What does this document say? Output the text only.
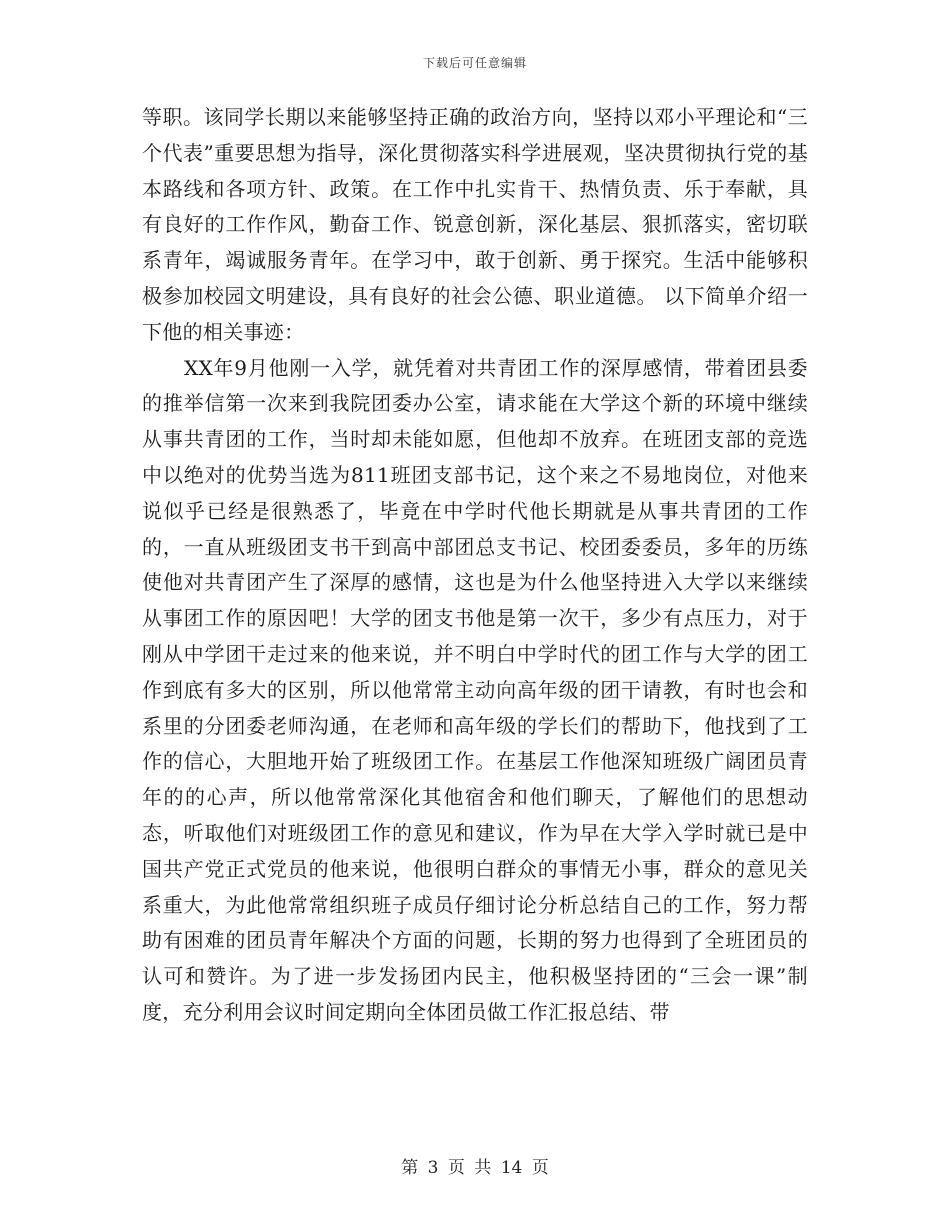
下载后可任意编辑

等职。该同学长期以来能够坚持正确的政治方向，坚持以邓小平理论和“三个代表”重要思想为指导，深化贯彻落实科学进展观，坚决贯彻执行党的基本路线和各项方针、政策。在工作中扎实肯干、热情负责、乐于奉献，具有良好的工作作风，勤奋工作、锐意创新，深化基层、狠抓落实，密切联系青年，竭诚服务青年。在学习中，敢于创新、勇于探究。生活中能够积极参加校园文明建设，具有良好的社会公德、职业道德。 以下简单介绍一下他的相关事迹：

XX年9月他刚一入学，就凭着对共青团工作的深厚感情，带着团县委的推举信第一次来到我院团委办公室，请求能在大学这个新的环境中继续从事共青团的工作，当时却未能如愿，但他却不放弃。在班团支部的竞选中以绝对的优势当选为811班团支部书记，这个来之不易地岗位，对他来说似乎已经是很熟悉了，毕竟在中学时代他长期就是从事共青团的工作的，一直从班级团支书干到高中部团总支书记、校团委委员，多年的历练使他对共青团产生了深厚的感情，这也是为什么他坚持进入大学以来继续从事团工作的原因吧！大学的团支书他是第一次干，多少有点压力，对于刚从中学团干走过来的他来说，并不明白中学时代的团工作与大学的团工作到底有多大的区别，所以他常常主动向高年级的团干请教，有时也会和系里的分团委老师沟通，在老师和高年级的学长们的帮助下，他找到了工作的信心，大胆地开始了班级团工作。在基层工作他深知班级广阔团员青年的的心声，所以他常常深化其他宿舍和他们聊天，了解他们的思想动态，听取他们对班级团工作的意见和建议，作为早在大学入学时就已是中国共产党正式党员的他来说，他很明白群众的事情无小事，群众的意见关系重大，为此他常常组织班子成员仔细讨论分析总结自己的工作，努力帮助有困难的团员青年解决个方面的问题，长期的努力也得到了全班团员的认可和赞许。为了进一步发扬团内民主，他积极坚持团的“三会一课”制度，充分利用会议时间定期向全体团员做工作汇报总结、带

第 3 页 共 14 页
